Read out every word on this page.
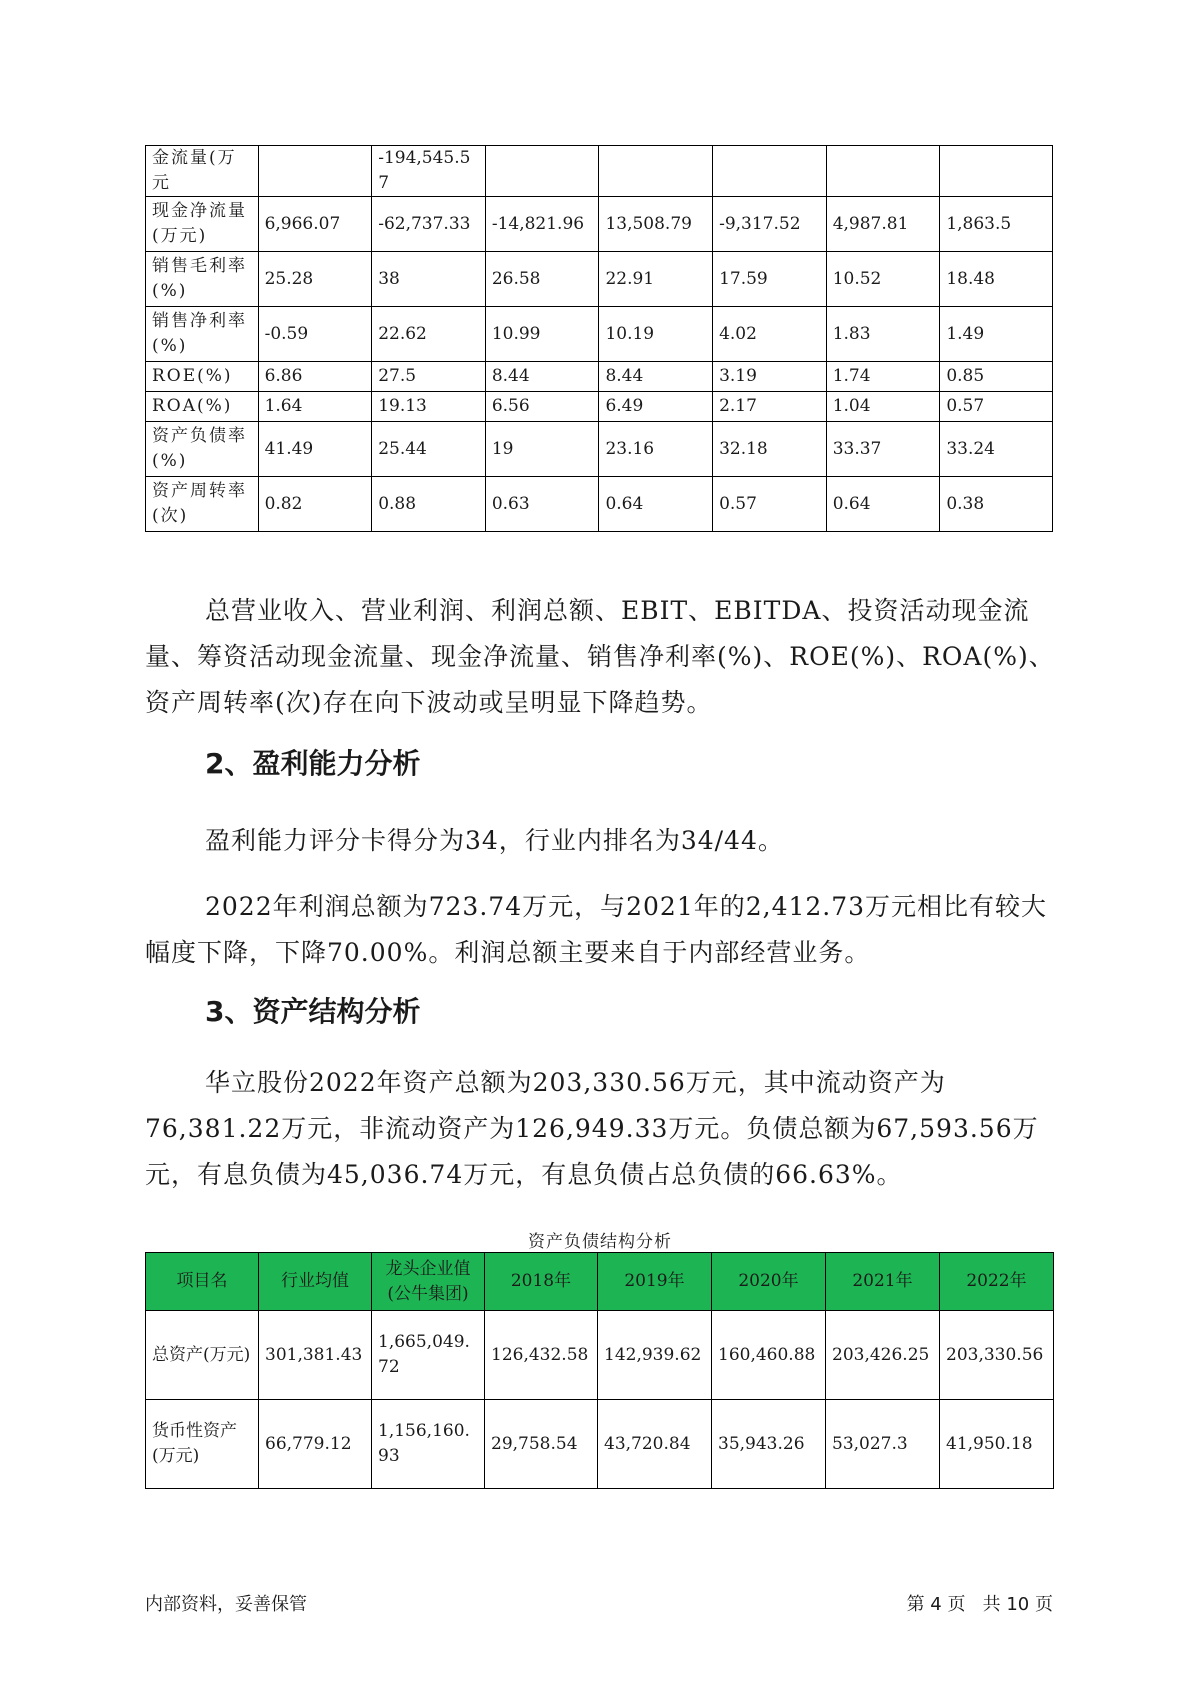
金流量(万元		-194,545.57					
现金净流量(万元)	6,966.07	-62,737.33	-14,821.96	13,508.79	-9,317.52	4,987.81	1,863.5
销售毛利率(%)	25.28	38	26.58	22.91	17.59	10.52	18.48
销售净利率(%)	-0.59	22.62	10.99	10.19	4.02	1.83	1.49
ROE(%)	6.86	27.5	8.44	8.44	3.19	1.74	0.85
ROA(%)	1.64	19.13	6.56	6.49	2.17	1.04	0.57
资产负债率(%)	41.49	25.44	19	23.16	32.18	33.37	33.24
资产周转率(次)	0.82	0.88	0.63	0.64	0.57	0.64	0.38

总营业收入、营业利润、利润总额、EBIT、EBITDA、投资活动现金流量、筹资活动现金流量、现金净流量、销售净利率(%)、ROE(%)、ROA(%)、资产周转率(次)存在向下波动或呈明显下降趋势。

2、盈利能力分析

盈利能力评分卡得分为34，行业内排名为34/44。

2022年利润总额为723.74万元，与2021年的2,412.73万元相比有较大幅度下降，下降70.00%。利润总额主要来自于内部经营业务。

3、资产结构分析

华立股份2022年资产总额为203,330.56万元，其中流动资产为76,381.22万元，非流动资产为126,949.33万元。负债总额为67,593.56万元，有息负债为45,036.74万元，有息负债占总负债的66.63%。

资产负债结构分析
项目名	行业均值	龙头企业值(公牛集团)	2018年	2019年	2020年	2021年	2022年
总资产(万元)	301,381.43	1,665,049.72	126,432.58	142,939.62	160,460.88	203,426.25	203,330.56
货币性资产(万元)	66,779.12	1,156,160.93	29,758.54	43,720.84	35,943.26	53,027.3	41,950.18
内部资料，妥善保管	第 4 页   共 10 页
